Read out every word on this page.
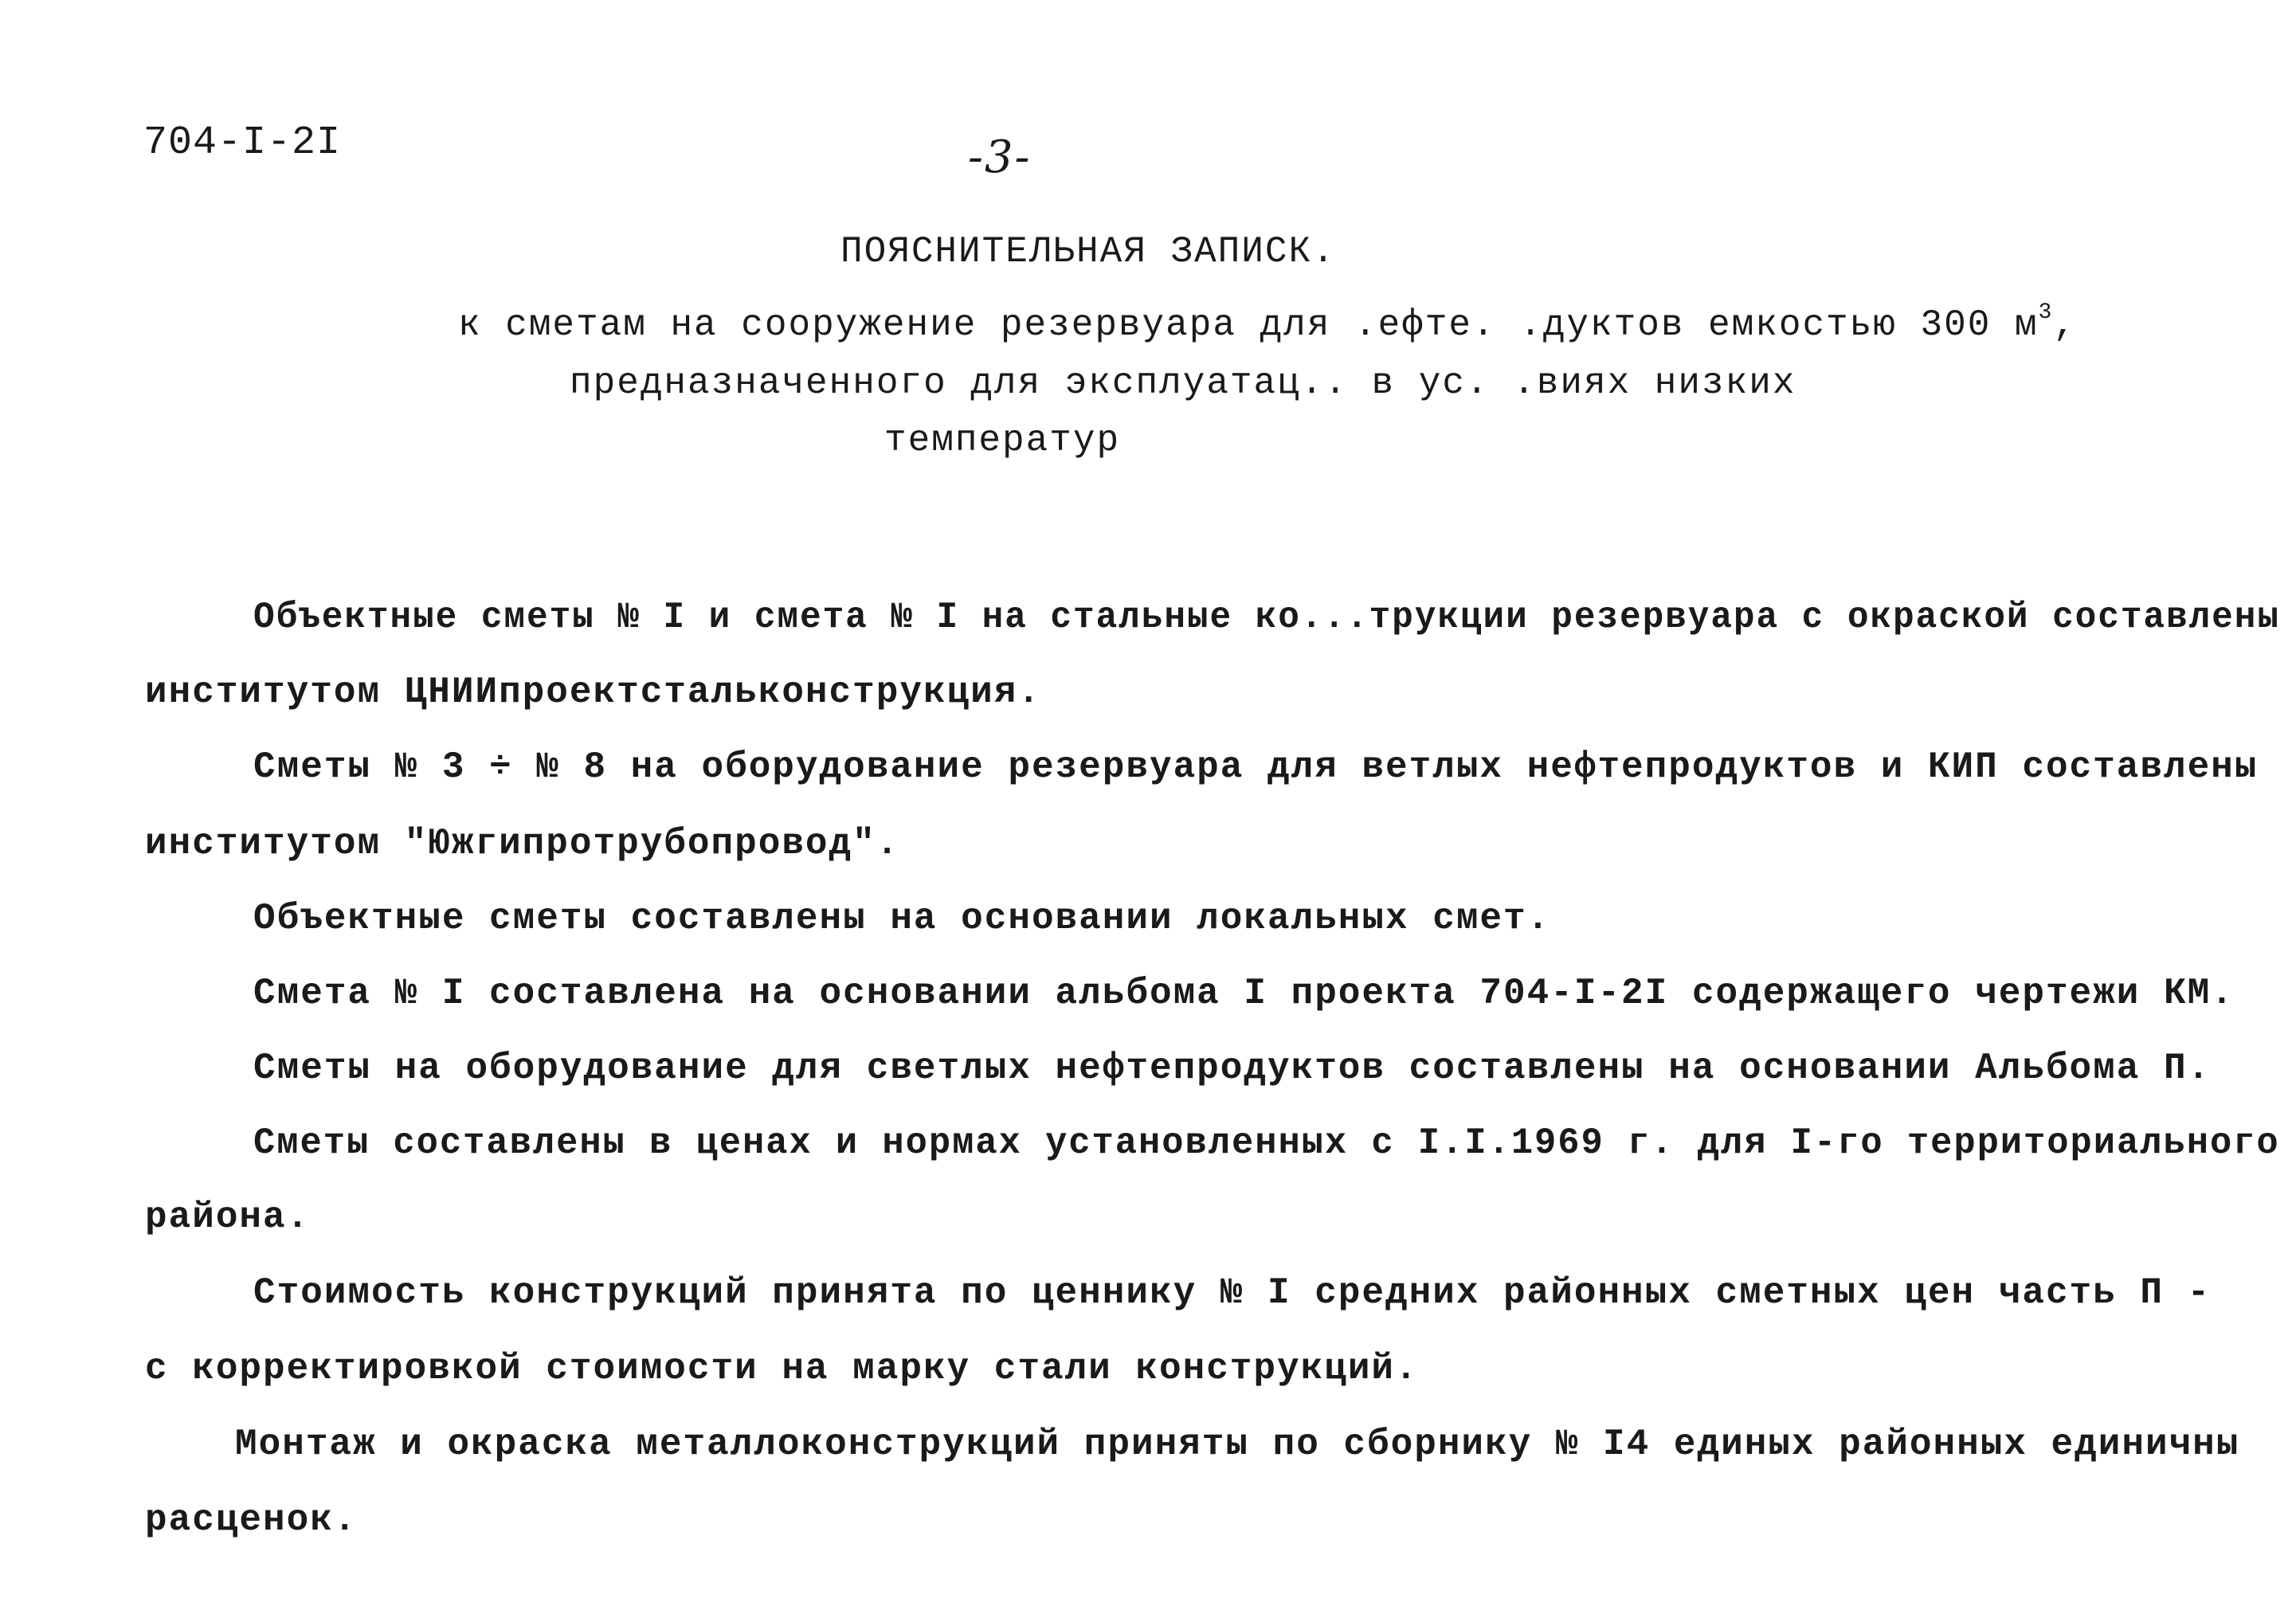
704-I-2I	-3-
ПОЯСНИТЕЛЬНАЯ ЗАПИСК.
к сметам на сооружение резервуара для .ефте. .дуктов емкостью 300 $м^3$,
предназначенного для эксплуатац.. в ус. .виях низких
температур
Объектные сметы № I и смета № I на стальные ко...трукции резервуара с окраской составлены
институтом ЦНИИпроектстальконструкция.
Сметы № 3 ÷ № 8 на оборудование резервуара для ветлых нефтепродуктов и КИП составлены
институтом "Южгипротрубопровод".
Объектные сметы составлены на основании локальных смет.
Смета № I составлена на основании альбома I проекта 704-I-2I содержащего чертежи КМ.
Сметы на оборудование для светлых нефтепродуктов составлены на основании Альбома П.
Сметы составлены в ценах и нормах установленных с I.I.1969 г. для I-го территориального
района.
Стоимость конструкций принята по ценнику № I средних районных сметных цен часть П -
с корректировкой стоимости на марку стали конструкций.
Монтаж и окраска металлоконструкций приняты по сборнику № I4 единых районных единичны
расценок.
